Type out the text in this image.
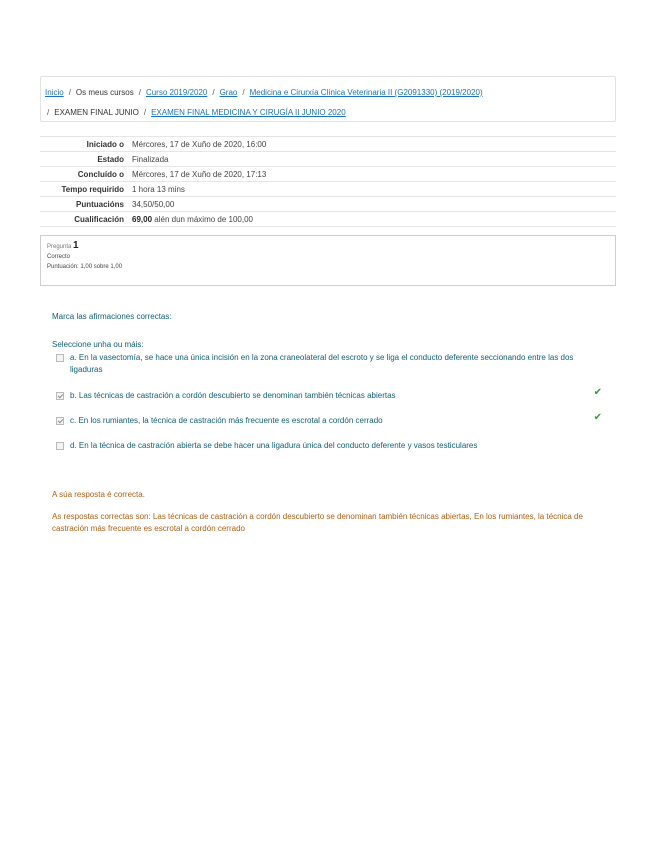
Inicio / Os meus cursos / Curso 2019/2020 / Grao / Medicina e Cirurxía Clínica Veterinaria II (G2091330) (2019/2020)
/ EXAMEN FINAL JUNIO / EXAMEN FINAL MEDICINA Y CIRUGÍA II JUNIO 2020
Iniciado o	Mércores, 17 de Xuño de 2020, 16:00
Estado	Finalizada
Concluído o	Mércores, 17 de Xuño de 2020, 17:13
Tempo requirido	1 hora 13 mins
Puntuacións	34,50/50,00
Cualificación	69,00 alén dun máximo de 100,00
Pregunta 1
Correcto
Puntuación: 1,00 sobre 1,00
Marca las afirmaciones correctas:
Seleccione unha ou máis:
a. En la vasectomía, se hace una única incisión en la zona craneolateral del escroto y se liga el conducto deferente seccionando entre las dos ligaduras
b. Las técnicas de castración a cordón descubierto se denominan también técnicas abiertas	✔
c. En los rumiantes, la técnica de castración más frecuente es escrotal a cordón cerrado	✔
d. En la técnica de castración abierta se debe hacer una ligadura única del conducto deferente y vasos testiculares

A súa resposta é correcta.

As respostas correctas son: Las técnicas de castración a cordón descubierto se denominan también técnicas abiertas, En los rumiantes, la técnica de castración más frecuente es escrotal a cordón cerrado
